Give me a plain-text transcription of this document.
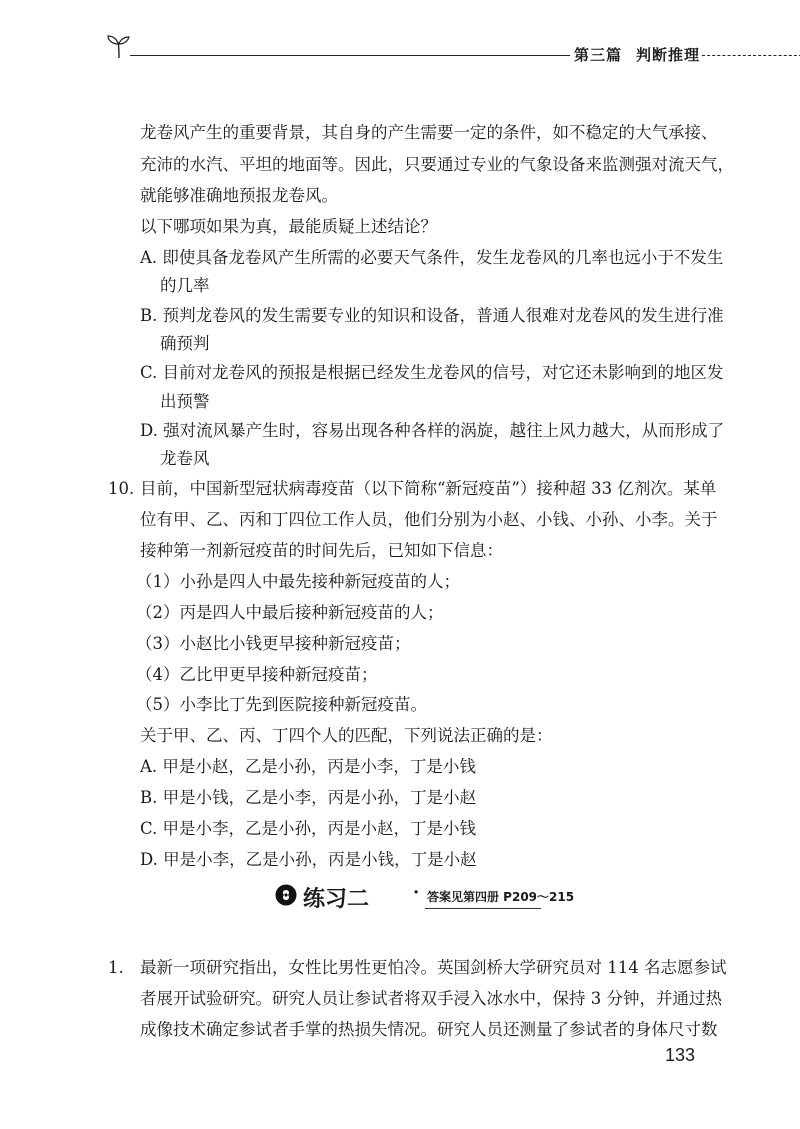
第三篇 判断推理
龙卷风产生的重要背景，其自身的产生需要一定的条件，如不稳定的大气承接、
充沛的水汽、平坦的地面等。因此，只要通过专业的气象设备来监测强对流天气，
就能够准确地预报龙卷风。
以下哪项如果为真，最能质疑上述结论？
A. 即使具备龙卷风产生所需的必要天气条件，发生龙卷风的几率也远小于不发生
的几率
B. 预判龙卷风的发生需要专业的知识和设备，普通人很难对龙卷风的发生进行准
确预判
C. 目前对龙卷风的预报是根据已经发生龙卷风的信号，对它还未影响到的地区发
出预警
D. 强对流风暴产生时，容易出现各种各样的涡旋，越往上风力越大，从而形成了
龙卷风
10. 目前，中国新型冠状病毒疫苗（以下简称“新冠疫苗”）接种超 33 亿剂次。某单
位有甲、乙、丙和丁四位工作人员，他们分别为小赵、小钱、小孙、小李。关于
接种第一剂新冠疫苗的时间先后，已知如下信息：
（1）小孙是四人中最先接种新冠疫苗的人；
（2）丙是四人中最后接种新冠疫苗的人；
（3）小赵比小钱更早接种新冠疫苗；
（4）乙比甲更早接种新冠疫苗；
（5）小李比丁先到医院接种新冠疫苗。
关于甲、乙、丙、丁四个人的匹配，下列说法正确的是：
A. 甲是小赵，乙是小孙，丙是小李，丁是小钱
B. 甲是小钱，乙是小李，丙是小孙，丁是小赵
C. 甲是小李，乙是小孙，丙是小赵，丁是小钱
D. 甲是小李，乙是小孙，丙是小钱，丁是小赵
练习二 · 答案见第四册 P209～215
1. 最新一项研究指出，女性比男性更怕冷。英国剑桥大学研究员对 114 名志愿参试
者展开试验研究。研究人员让参试者将双手浸入冰水中，保持 3 分钟，并通过热
成像技术确定参试者手掌的热损失情况。研究人员还测量了参试者的身体尺寸数
133
